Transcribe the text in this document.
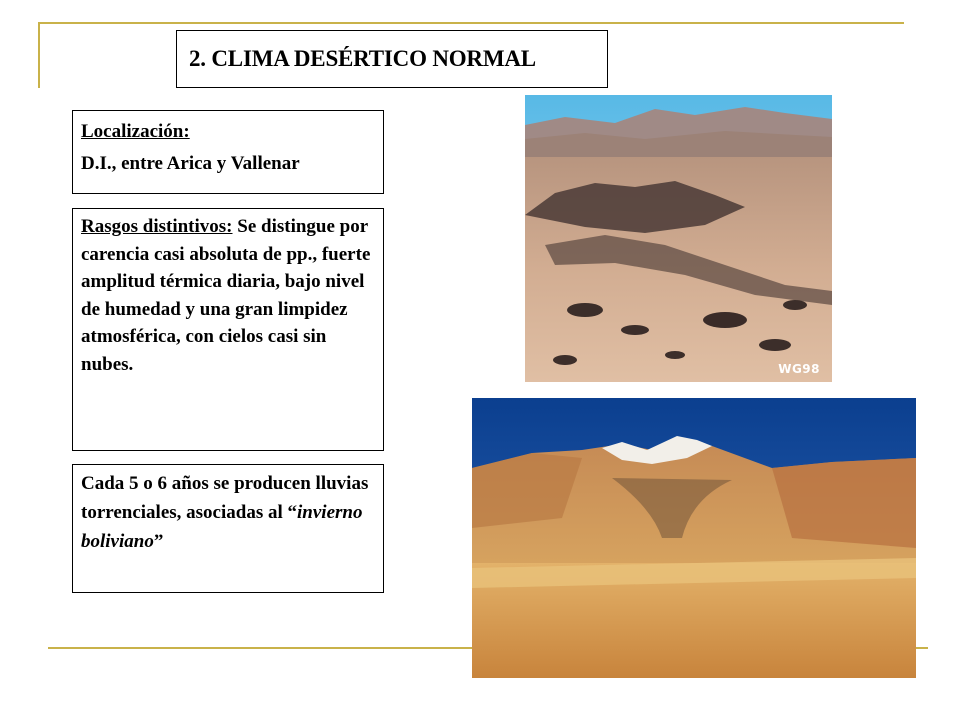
2. CLIMA DESÉRTICO NORMAL
Localización:
D.I., entre Arica y Vallenar
Rasgos distintivos: Se distingue por carencia casi absoluta de pp., fuerte amplitud térmica diaria, bajo nivel de humedad y una gran limpidez atmosférica, con cielos casi sin nubes.
Cada 5 o 6 años se producen lluvias torrenciales, asociadas al “invierno boliviano”
WG98
